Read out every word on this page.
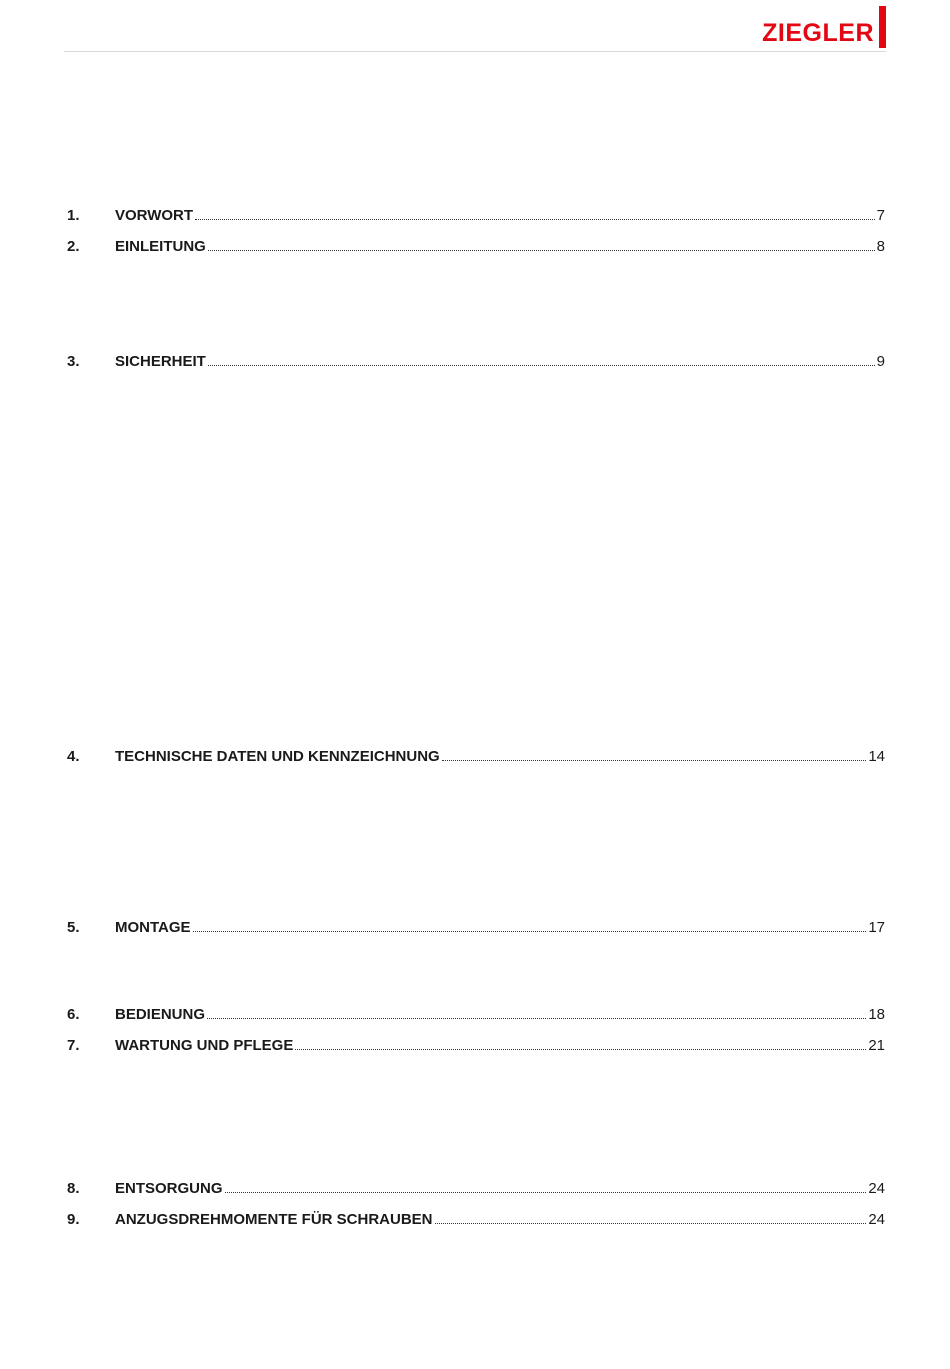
ZIEGLER
1.	VORWORT	7
2.	EINLEITUNG	8
3.	SICHERHEIT	9
4.	TECHNISCHE DATEN UND KENNZEICHNUNG	14
5.	MONTAGE	17
6.	BEDIENUNG	18
7.	WARTUNG UND PFLEGE	21
8.	ENTSORGUNG	24
9.	ANZUGSDREHMOMENTE FÜR SCHRAUBEN	24
